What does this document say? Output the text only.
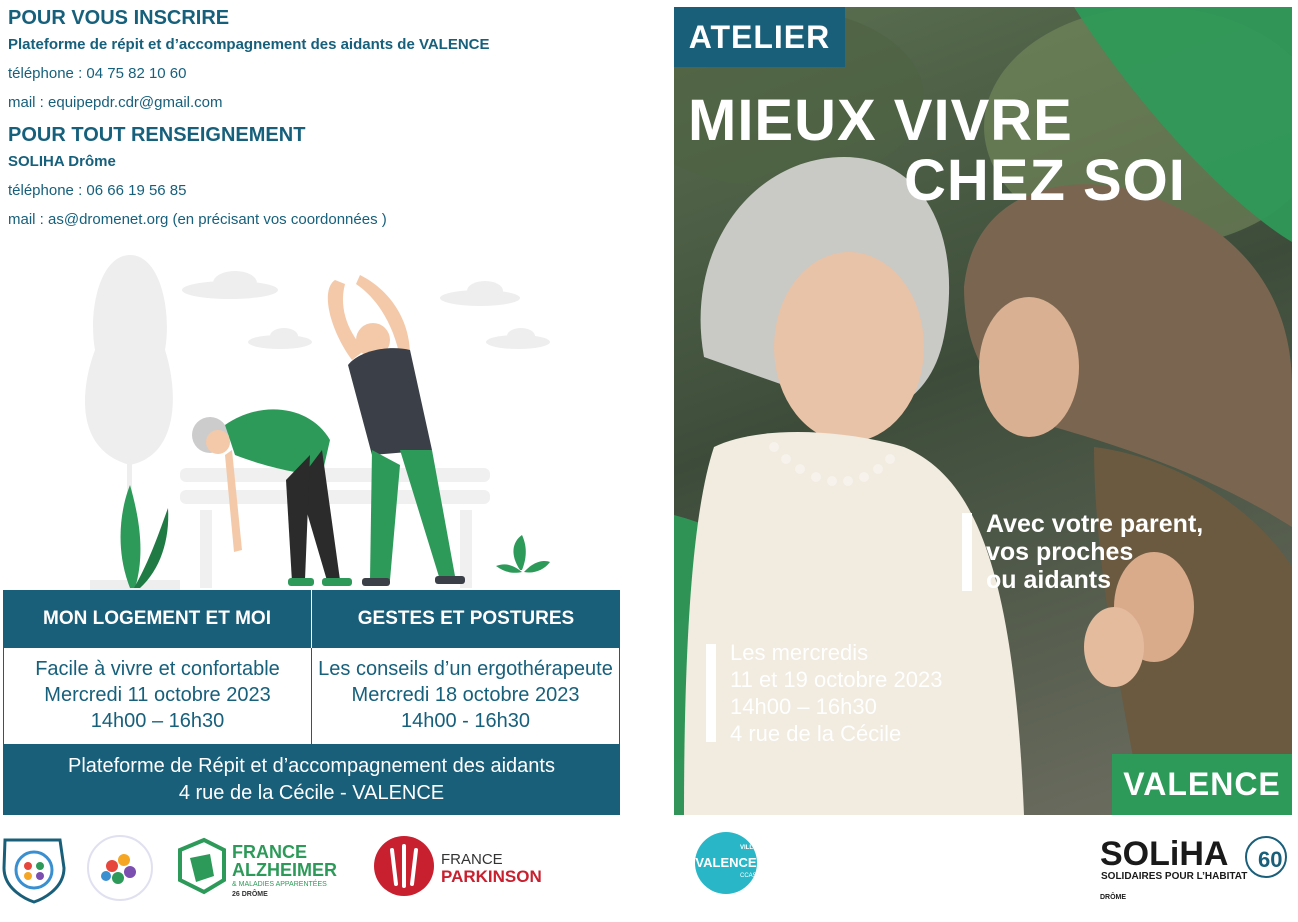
POUR VOUS INSCRIRE
Plateforme de répit et d’accompagnement des aidants de VALENCE
téléphone : 04 75 82 10 60
mail : equipepdr.cdr@gmail.com
POUR TOUT RENSEIGNEMENT
SOLIHA Drôme
téléphone : 06 66 19 56 85
mail : as@dromenet.org (en précisant vos coordonnées )
MON LOGEMENT ET MOI	GESTES ET POSTURES
Facile à vivre et confortable
Mercredi 11 octobre 2023
14h00 – 16h30
Les conseils d’un ergothérapeute
Mercredi 18 octobre 2023
14h00 - 16h30
Plateforme de Répit et d’accompagnement des aidants
4 rue de la Cécile - VALENCE
FRANCE
ALZHEIMER
& MALADIES APPARENTÉES
26 DRÔME
FRANCE
PARKINSON
ATELIER
MIEUX VIVRE
CHEZ SOI
Avec votre parent,
vos proches
ou aidants
Les mercredis
11 et 19 octobre 2023
14h00 – 16h30
4 rue de la Cécile
VALENCE
VILLE DE
VALENCE
CCAS
SOLiHA
SOLIDAIRES POUR L’HABITAT
DRÔME
60
